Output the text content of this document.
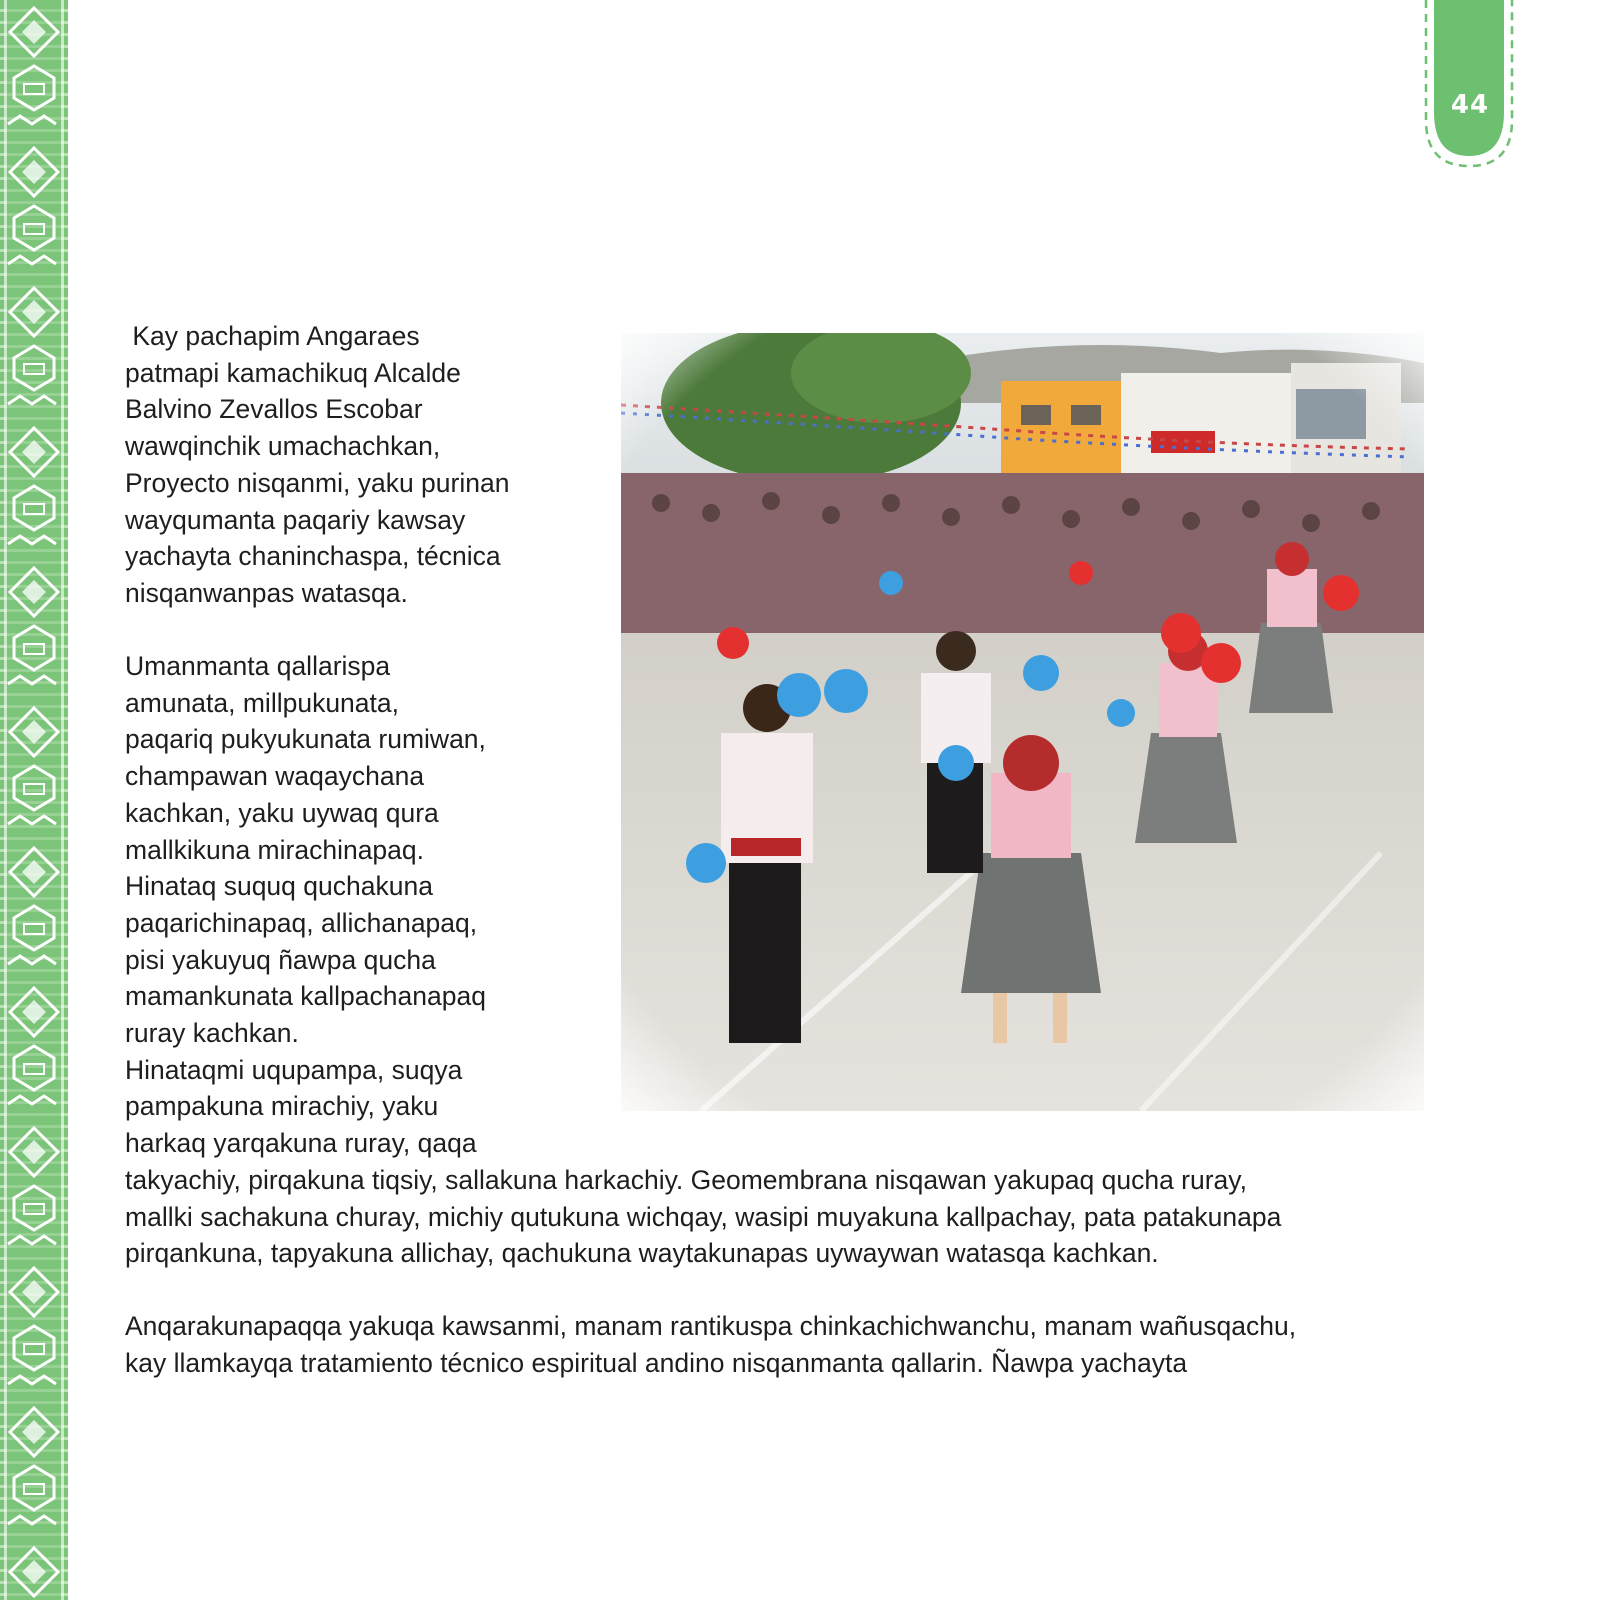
44

Kay pachapim Angaraes
patmapi kamachikuq Alcalde
Balvino Zevallos Escobar
wawqinchik umachachkan,
Proyecto nisqanmi, yaku purinan
wayqumanta paqariy kawsay
yachayta chaninchaspa, técnica
nisqanwanpas watasqa.

Umanmanta qallarispa
amunata, millpukunata,
paqariq pukyukunata rumiwan,
champawan waqaychana
kachkan, yaku uywaq qura
mallkikuna mirachinapaq.
Hinataq suquq quchakuna
paqarichinapaq, allichanapaq,
pisi yakuyuq ñawpa qucha
mamankunata kallpachanapaq
ruray kachkan.
Hinataqmi uqupampa, suqya
pampakuna mirachiy, yaku
harkaq yarqakuna ruray, qaqa

takyachiy, pirqakuna tiqsiy, sallakuna harkachiy. Geomembrana nisqawan yakupaq qucha ruray,
mallki sachakuna churay, michiy qutukuna wichqay, wasipi muyakuna kallpachay, pata patakunapa
pirqankuna, tapyakuna allichay, qachukuna waytakunapas uywaywan watasqa kachkan.

Anqarakunapaqqa yakuqa kawsanmi, manam rantikuspa chinkachichwanchu, manam wañusqachu,
kay llamkayqa tratamiento técnico espiritual andino nisqanmanta qallarin. Ñawpa yachayta
